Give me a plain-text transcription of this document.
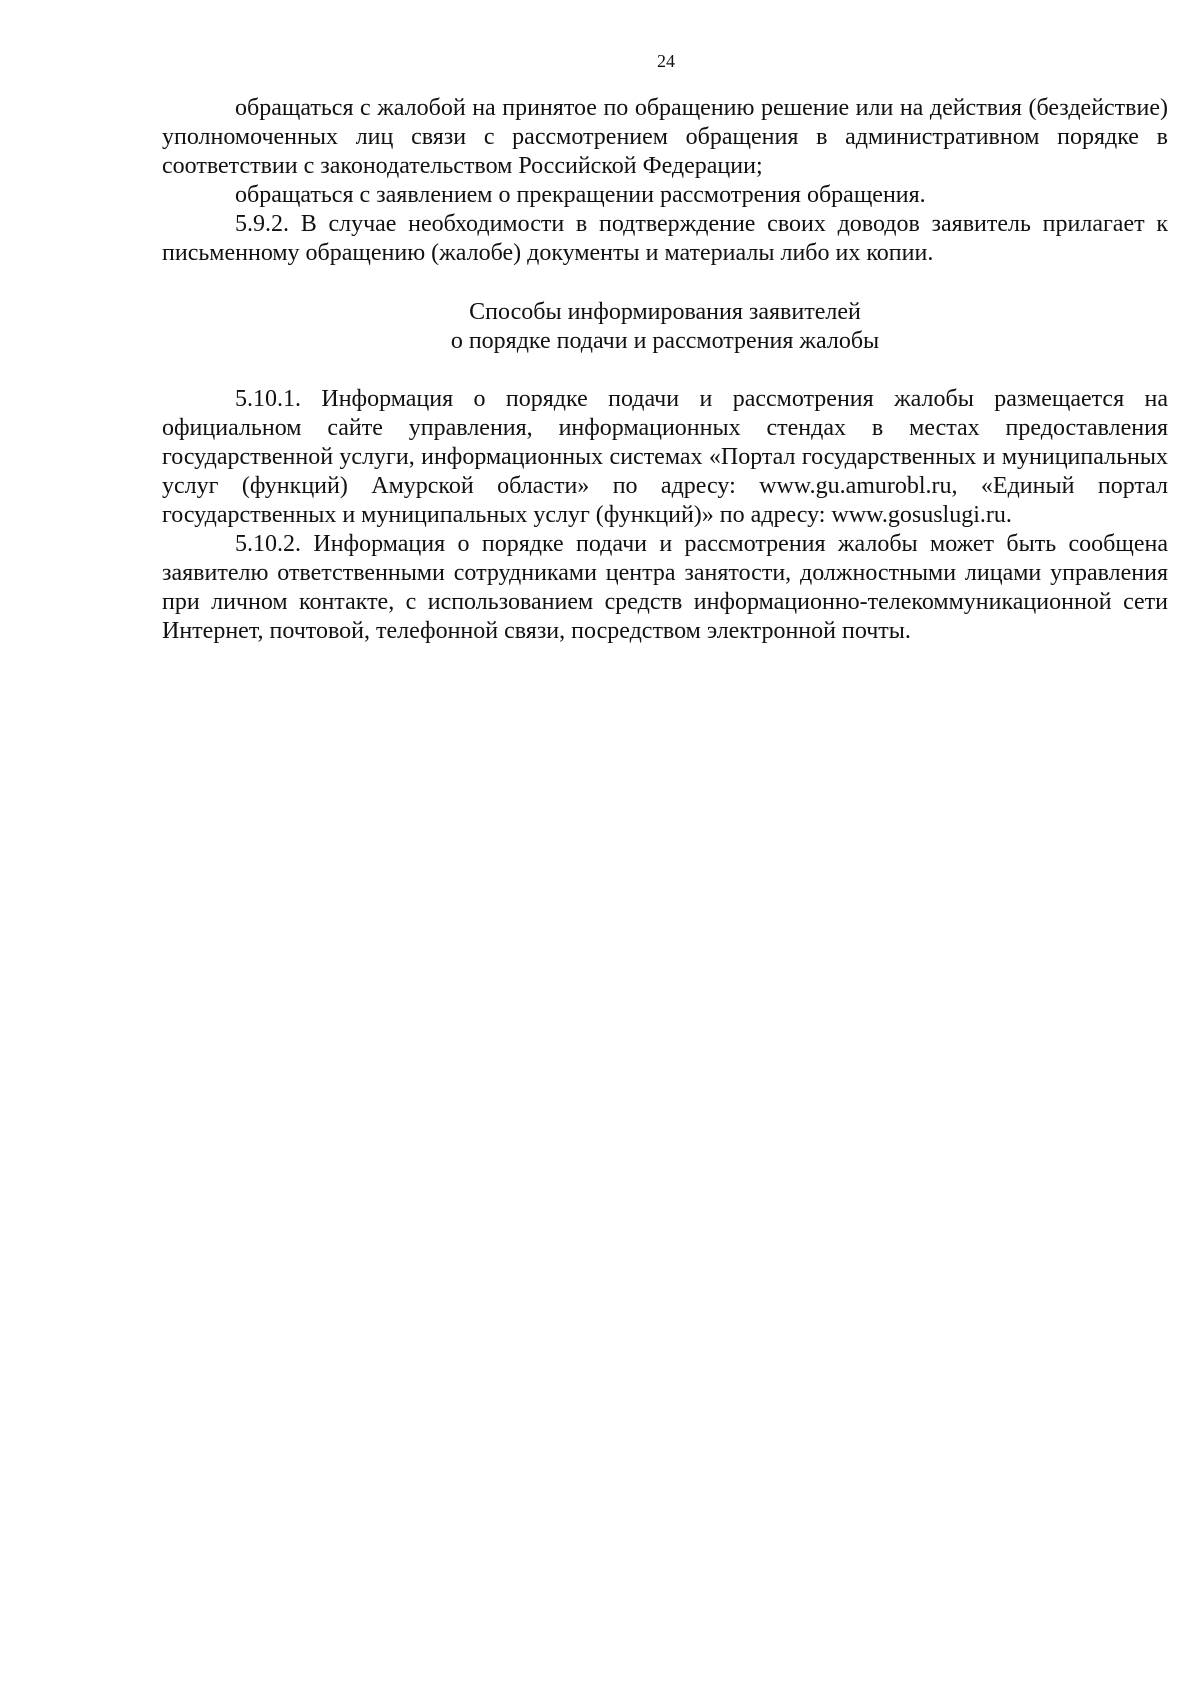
24

обращаться с жалобой на принятое по обращению решение или на действия (бездействие) уполномоченных лиц связи с рассмотрением обращения в административном порядке в соответствии с законодательством Российской Федерации;

обращаться с заявлением о прекращении рассмотрения обращения.

5.9.2. В случае необходимости в подтверждение своих доводов заявитель прилагает к письменному обращению (жалобе) документы и материалы либо их копии.

Способы информирования заявителей
о порядке подачи и рассмотрения жалобы

5.10.1. Информация о порядке подачи и рассмотрения жалобы размещается на официальном сайте управления, информационных стендах в местах предоставления государственной услуги, информационных системах «Портал государственных и муниципальных услуг (функций) Амурской области» по адресу: www.gu.amurobl.ru, «Единый портал государственных и муниципальных услуг (функций)» по адресу: www.gosuslugi.ru.

5.10.2. Информация о порядке подачи и рассмотрения жалобы может быть сообщена заявителю ответственными сотрудниками центра занятости, должностными лицами управления при личном контакте, с использованием средств информационно-телекоммуникационной сети Интернет, почтовой, телефонной связи, посредством электронной почты.
